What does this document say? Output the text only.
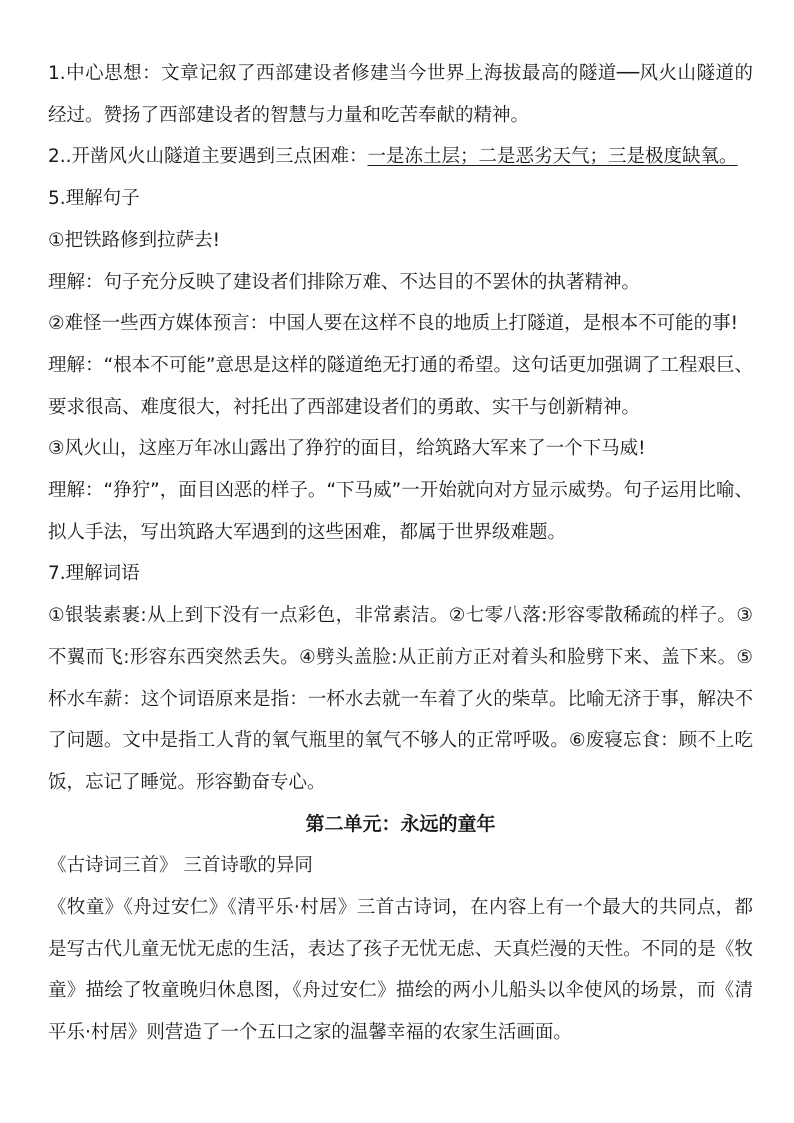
1.中心思想：文章记叙了西部建设者修建当今世界上海拔最高的隧道──风火山隧道的经过。赞扬了西部建设者的智慧与力量和吃苦奉献的精神。

2..开凿风火山隧道主要遇到三点困难：一是冻土层；二是恶劣天气；三是极度缺氧。

5.理解句子

①把铁路修到拉萨去!

理解：句子充分反映了建设者们排除万难、不达目的不罢休的执著精神。

②难怪一些西方媒体预言：中国人要在这样不良的地质上打隧道，是根本不可能的事!

理解：“根本不可能”意思是这样的隧道绝无打通的希望。这句话更加强调了工程艰巨、要求很高、难度很大，衬托出了西部建设者们的勇敢、实干与创新精神。

③风火山，这座万年冰山露出了狰狞的面目，给筑路大军来了一个下马威!

理解：“狰狞”，面目凶恶的样子。“下马威”一开始就向对方显示威势。句子运用比喻、拟人手法，写出筑路大军遇到的这些困难，都属于世界级难题。

7.理解词语

①银装素裹:从上到下没有一点彩色，非常素洁。②七零八落:形容零散稀疏的样子。③不翼而飞:形容东西突然丢失。④劈头盖脸:从正前方正对着头和脸劈下来、盖下来。⑤杯水车薪：这个词语原来是指：一杯水去就一车着了火的柴草。比喻无济于事，解决不了问题。文中是指工人背的氧气瓶里的氧气不够人的正常呼吸。⑥废寝忘食：顾不上吃饭，忘记了睡觉。形容勤奋专心。

第二单元：永远的童年

《古诗词三首》 三首诗歌的异同

《牧童》《舟过安仁》《清平乐·村居》三首古诗词，在内容上有一个最大的共同点，都是写古代儿童无忧无虑的生活，表达了孩子无忧无虑、天真烂漫的天性。不同的是《牧童》描绘了牧童晚归休息图，《舟过安仁》描绘的两小儿船头以伞使风的场景，而《清平乐·村居》则营造了一个五口之家的温馨幸福的农家生活画面。
